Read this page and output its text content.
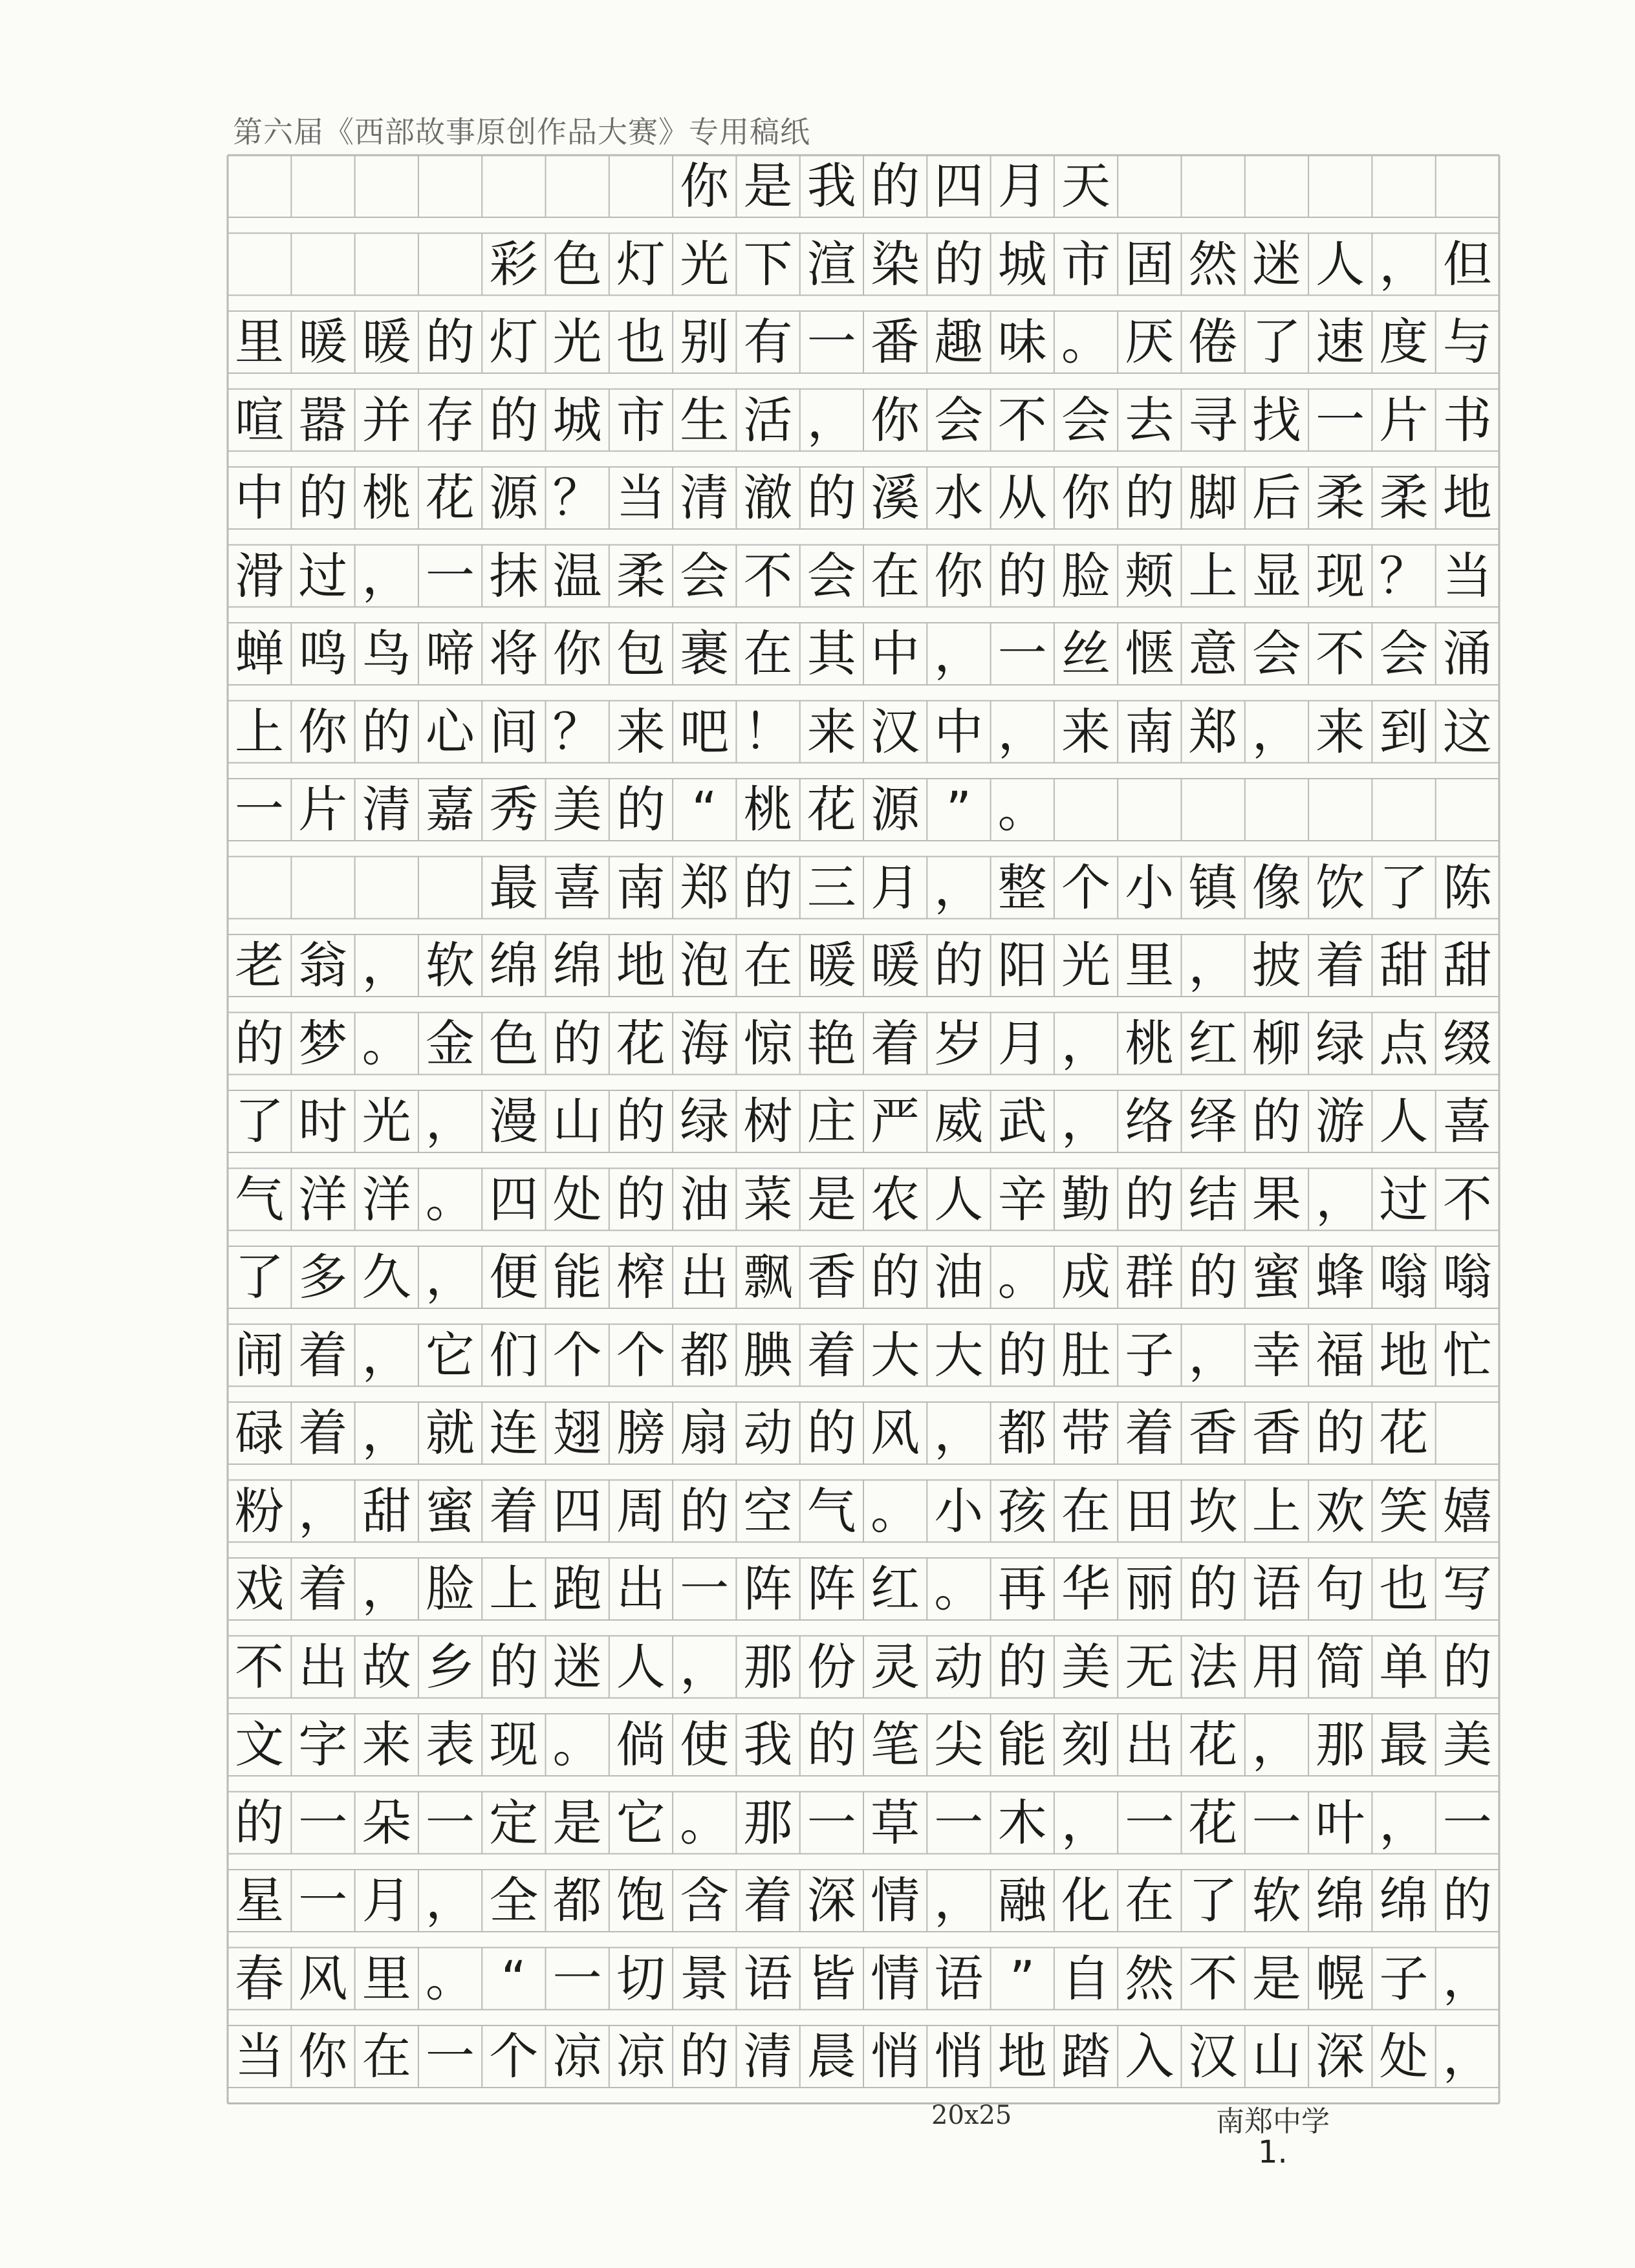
第六届《西部故事原创作品大赛》专用稿纸
你 是 我 的 四 月 天
彩 色 灯 光 下 渲 染 的 城 市 固 然 迷 人 ， 但
里 暖 暖 的 灯 光 也 别 有 一 番 趣 味 。 厌 倦 了 速 度 与
喧 嚣 并 存 的 城 市 生 活 ， 你 会 不 会 去 寻 找 一 片 书
中 的 桃 花 源 ？ 当 清 澈 的 溪 水 从 你 的 脚 后 柔 柔 地
滑 过 ， 一 抹 温 柔 会 不 会 在 你 的 脸 颊 上 显 现 ？ 当
蝉 鸣 鸟 啼 将 你 包 裹 在 其 中 ， 一 丝 惬 意 会 不 会 涌
上 你 的 心 间 ？ 来 吧 ！ 来 汉 中 ， 来 南 郑 ， 来 到 这
一 片 清 嘉 秀 美 的 “ 桃 花 源 ” 。
最 喜 南 郑 的 三 月 ， 整 个 小 镇 像 饮 了 陈
老 翁 ， 软 绵 绵 地 泡 在 暖 暖 的 阳 光 里 ， 披 着 甜 甜
的 梦 。 金 色 的 花 海 惊 艳 着 岁 月 ， 桃 红 柳 绿 点 缀
了 时 光 ， 漫 山 的 绿 树 庄 严 威 武 ， 络 绎 的 游 人 喜
气 洋 洋 。 四 处 的 油 菜 是 农 人 辛 勤 的 结 果 ， 过 不
了 多 久 ， 便 能 榨 出 飘 香 的 油 。 成 群 的 蜜 蜂 嗡 嗡
闹 着 ， 它 们 个 个 都 腆 着 大 大 的 肚 子 ， 幸 福 地 忙
碌 着 ， 就 连 翅 膀 扇 动 的 风 ， 都 带 着 香 香 的 花
粉 ， 甜 蜜 着 四 周 的 空 气 。 小 孩 在 田 坎 上 欢 笑 嬉
戏 着 ， 脸 上 跑 出 一 阵 阵 红 。 再 华 丽 的 语 句 也 写
不 出 故 乡 的 迷 人 ， 那 份 灵 动 的 美 无 法 用 简 单 的
文 字 来 表 现 。 倘 使 我 的 笔 尖 能 刻 出 花 ， 那 最 美
的 一 朵 一 定 是 它 。 那 一 草 一 木 ， 一 花 一 叶 ， 一
星 一 月 ， 全 都 饱 含 着 深 情 ， 融 化 在 了 软 绵 绵 的
春 风 里 。 “ 一 切 景 语 皆 情 语 ” 自 然 不 是 幌 子 ，
当 你 在 一 个 凉 凉 的 清 晨 悄 悄 地 踏 入 汉 山 深 处 ，
20x25	南郑中学
1.
